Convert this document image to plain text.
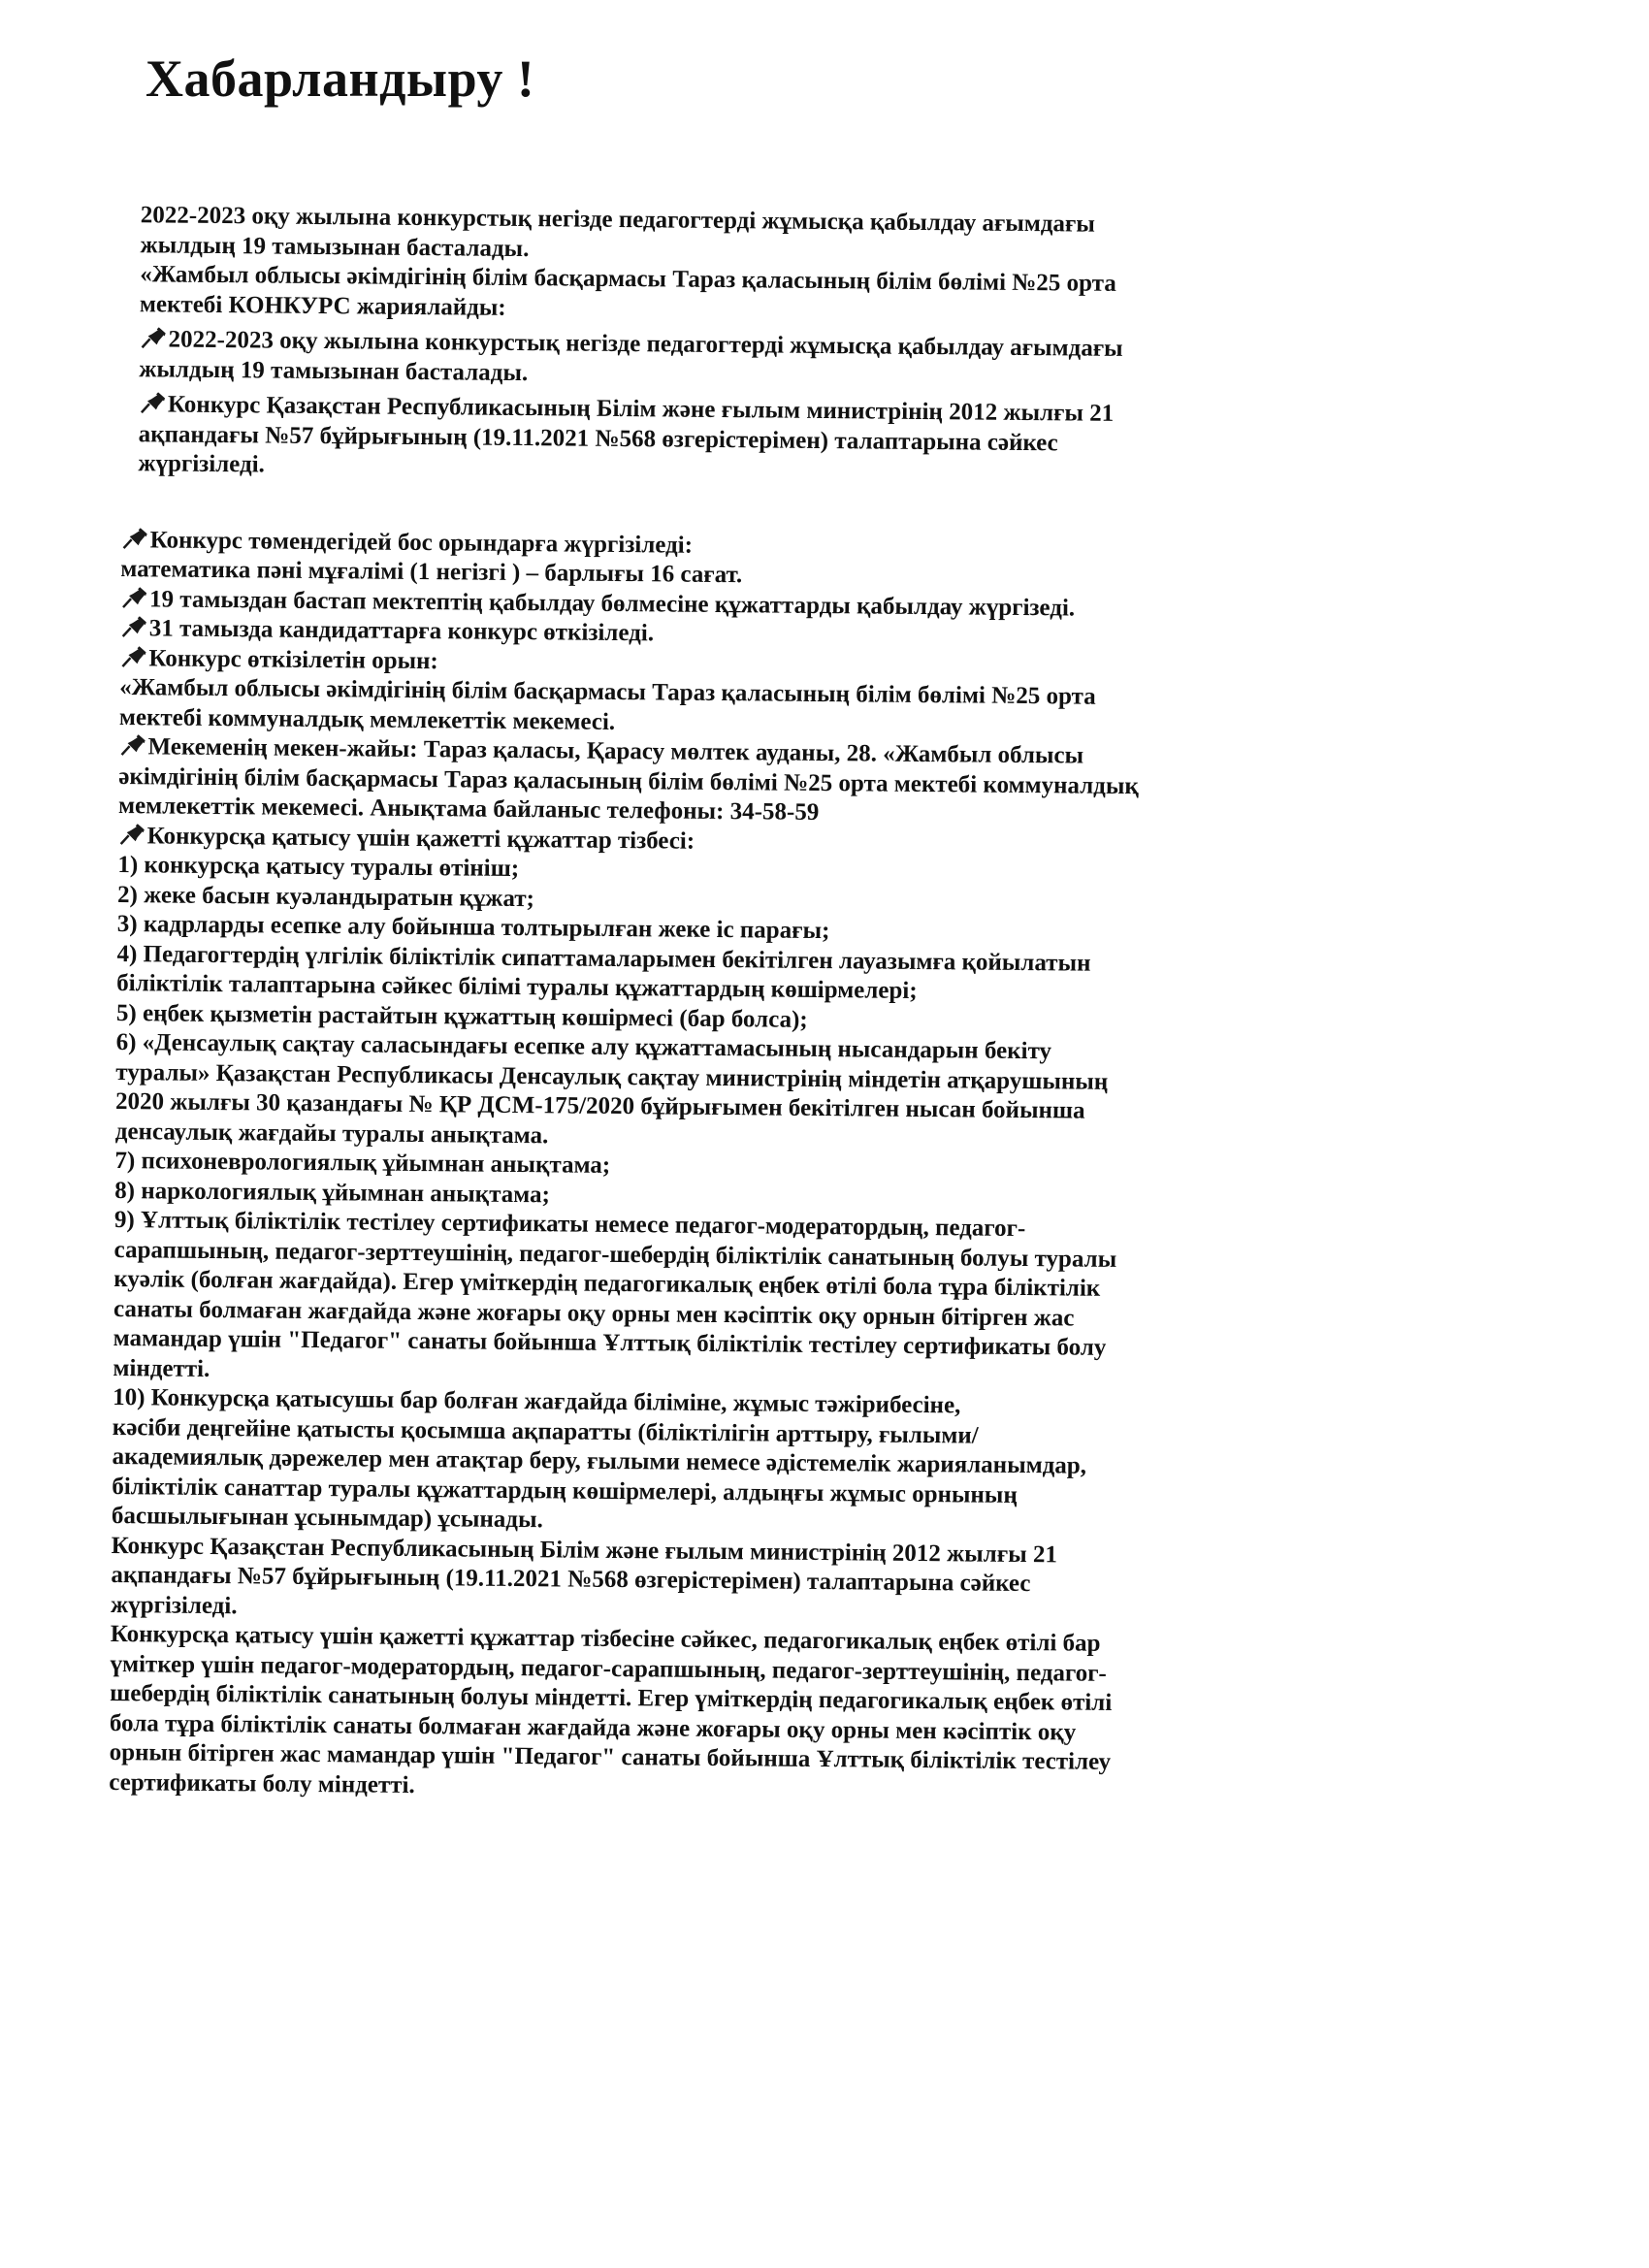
Хабарландыру !
2022-2023 оқу жылына конкурстық негізде педагогтерді жұмысқа қабылдау ағымдағы
жылдың 19 тамызынан басталады.
«Жамбыл облысы әкімдігінің білім басқармасы Тараз қаласының білім бөлімі №25 орта
мектебі КОНКУРС жариялайды:
2022-2023 оқу жылына конкурстық негізде педагогтерді жұмысқа қабылдау ағымдағы
жылдың 19 тамызынан басталады.
Конкурс Қазақстан Республикасының Білім және ғылым министрінің 2012 жылғы 21
ақпандағы №57 бұйрығының (19.11.2021 №568 өзгерістерімен) талаптарына сәйкес
жүргізіледі.
Конкурс төмендегідей бос орындарға жүргізіледі:
математика пәні мұғалімі (1 негізгі ) – барлығы 16 сағат.
19 тамыздан бастап мектептің қабылдау бөлмесіне құжаттарды қабылдау жүргізеді.
31 тамызда кандидаттарға конкурс өткізіледі.
Конкурс өткізілетін орын:
«Жамбыл облысы әкімдігінің білім басқармасы Тараз қаласының білім бөлімі №25 орта
мектебі коммуналдық мемлекеттік мекемесі.
Мекеменің мекен-жайы: Тараз қаласы, Қарасу мөлтек ауданы, 28. «Жамбыл облысы
әкімдігінің білім басқармасы Тараз қаласының білім бөлімі №25 орта мектебі коммуналдық
мемлекеттік мекемесі. Анықтама байланыс телефоны: 34-58-59
Конкурсқа қатысу үшін қажетті құжаттар тізбесі:
1) конкурсқа қатысу туралы өтініш;
2) жеке басын куәландыратын құжат;
3) кадрларды есепке алу бойынша толтырылған жеке іс парағы;
4) Педагогтердің үлгілік біліктілік сипаттамаларымен бекітілген лауазымға қойылатын
біліктілік талаптарына сәйкес білімі туралы құжаттардың көшірмелері;
5) еңбек қызметін растайтын құжаттың көшірмесі (бар болса);
6) «Денсаулық сақтау саласындағы есепке алу құжаттамасының нысандарын бекіту
туралы» Қазақстан Республикасы Денсаулық сақтау министрінің міндетін атқарушының
2020 жылғы 30 қазандағы № ҚР ДСМ-175/2020 бұйрығымен бекітілген нысан бойынша
денсаулық жағдайы туралы анықтама.
7) психоневрологиялық ұйымнан анықтама;
8) наркологиялық ұйымнан анықтама;
9) Ұлттық біліктілік тестілеу сертификаты немесе педагог-модератордың, педагог-
сарапшының, педагог-зерттеушінің, педагог-шебердің біліктілік санатының болуы туралы
куәлік (болған жағдайда). Егер үміткердің педагогикалық еңбек өтілі бола тұра біліктілік
санаты болмаған жағдайда және жоғары оқу орны мен кәсіптік оқу орнын бітірген жас
мамандар үшін "Педагог" санаты бойынша Ұлттық біліктілік тестілеу сертификаты болу
міндетті.
10) Конкурсқа қатысушы бар болған жағдайда біліміне, жұмыс тәжірибесіне,
кәсіби деңгейіне қатысты қосымша ақпаратты (біліктілігін арттыру, ғылыми/
академиялық дәрежелер мен атақтар беру, ғылыми немесе әдістемелік жарияланымдар,
біліктілік санаттар туралы құжаттардың көшірмелері, алдыңғы жұмыс орнының
басшылығынан ұсынымдар) ұсынады.
Конкурс Қазақстан Республикасының Білім және ғылым министрінің 2012 жылғы 21
ақпандағы №57 бұйрығының (19.11.2021 №568 өзгерістерімен) талаптарына сәйкес
жүргізіледі.
Конкурсқа қатысу үшін қажетті құжаттар тізбесіне сәйкес, педагогикалық еңбек өтілі бар
үміткер үшін педагог-модератордың, педагог-сарапшының, педагог-зерттеушінің, педагог-
шебердің біліктілік санатының болуы міндетті. Егер үміткердің педагогикалық еңбек өтілі
бола тұра біліктілік санаты болмаған жағдайда және жоғары оқу орны мен кәсіптік оқу
орнын бітірген жас мамандар үшін "Педагог" санаты бойынша Ұлттық біліктілік тестілеу
сертификаты болу міндетті.
